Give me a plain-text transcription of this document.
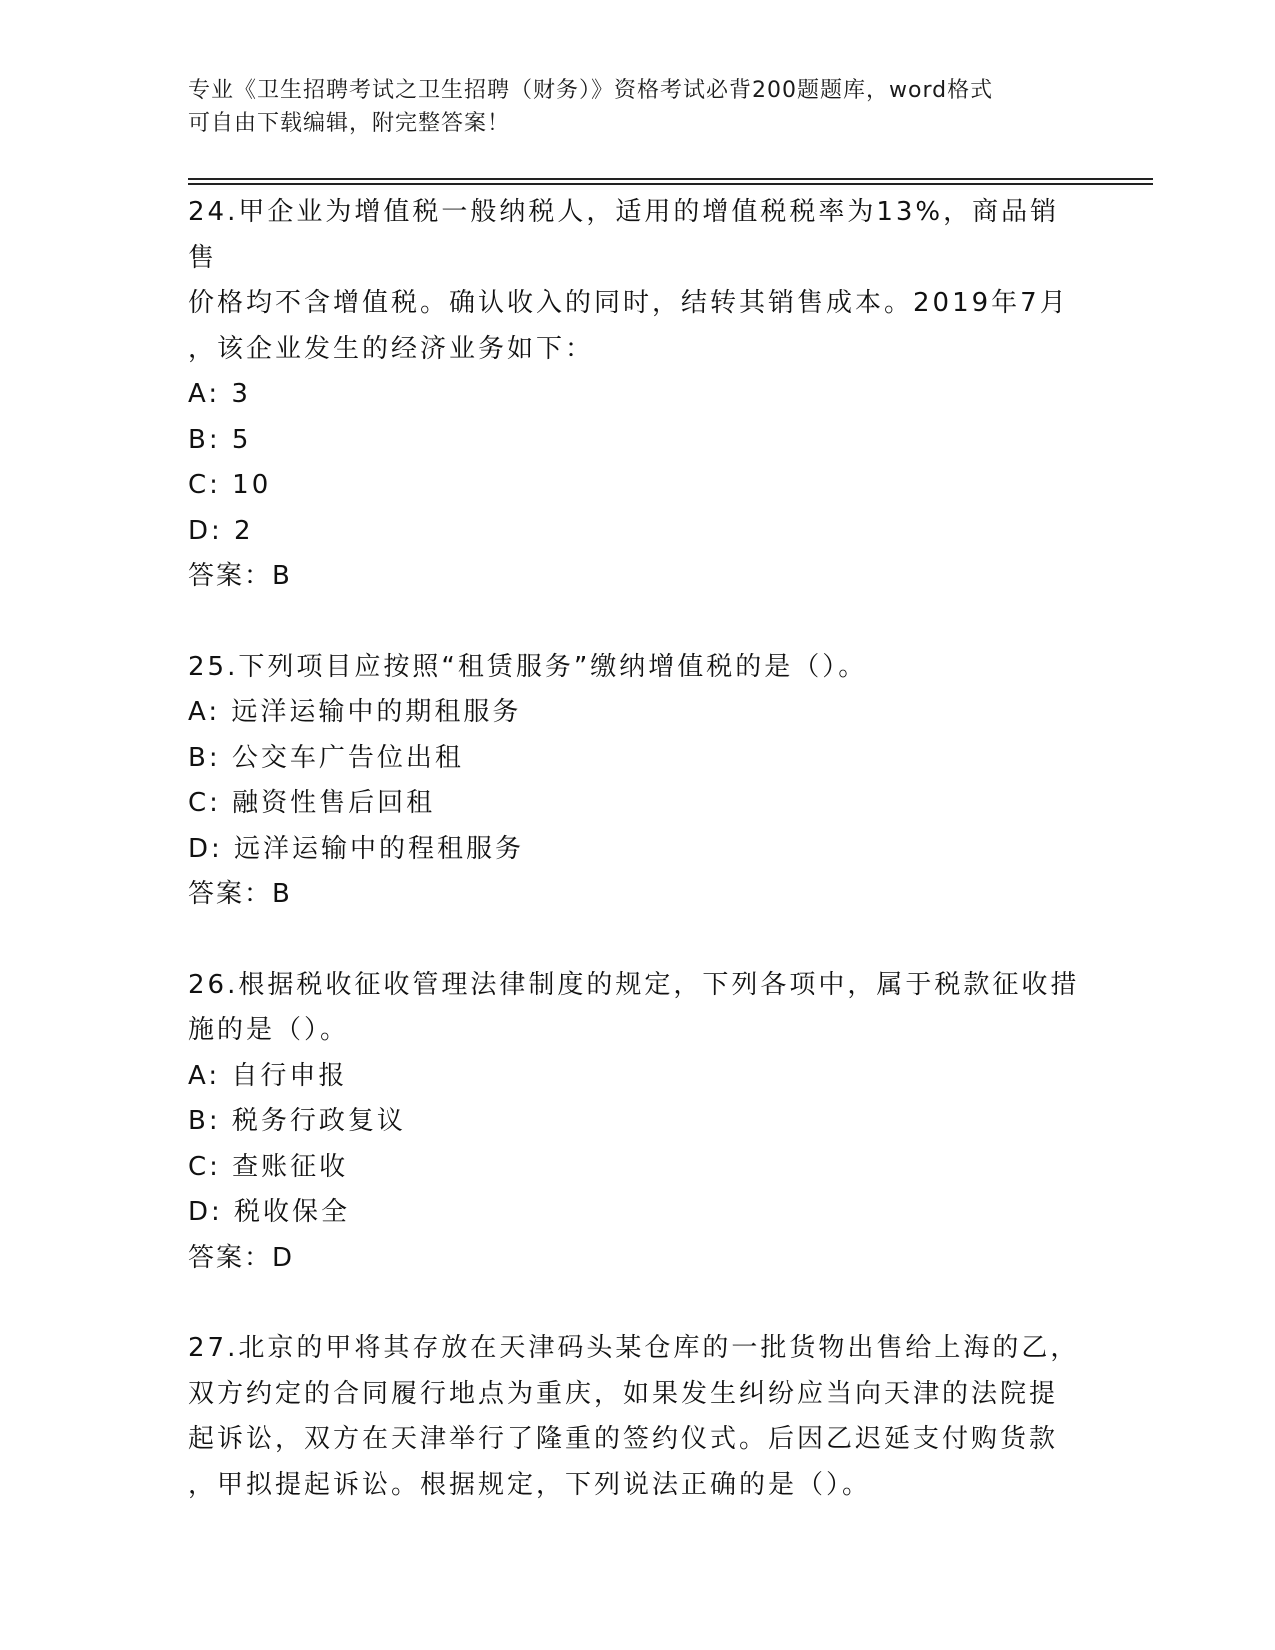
专业《卫生招聘考试之卫生招聘（财务）》资格考试必背200题题库，word格式
可自由下载编辑，附完整答案！
24.甲企业为增值税一般纳税人，适用的增值税税率为13%，商品销售
价格均不含增值税。确认收入的同时，结转其销售成本。2019年7月
，该企业发生的经济业务如下：
A: 3
B: 5
C: 10
D: 2
答案：B
25.下列项目应按照“租赁服务”缴纳增值税的是（）。
A: 远洋运输中的期租服务
B: 公交车广告位出租
C: 融资性售后回租
D: 远洋运输中的程租服务
答案：B
26.根据税收征收管理法律制度的规定，下列各项中，属于税款征收措
施的是（）。
A: 自行申报
B: 税务行政复议
C: 查账征收
D: 税收保全
答案：D
27.北京的甲将其存放在天津码头某仓库的一批货物出售给上海的乙，
双方约定的合同履行地点为重庆，如果发生纠纷应当向天津的法院提
起诉讼，双方在天津举行了隆重的签约仪式。后因乙迟延支付购货款
，甲拟提起诉讼。根据规定，下列说法正确的是（）。
